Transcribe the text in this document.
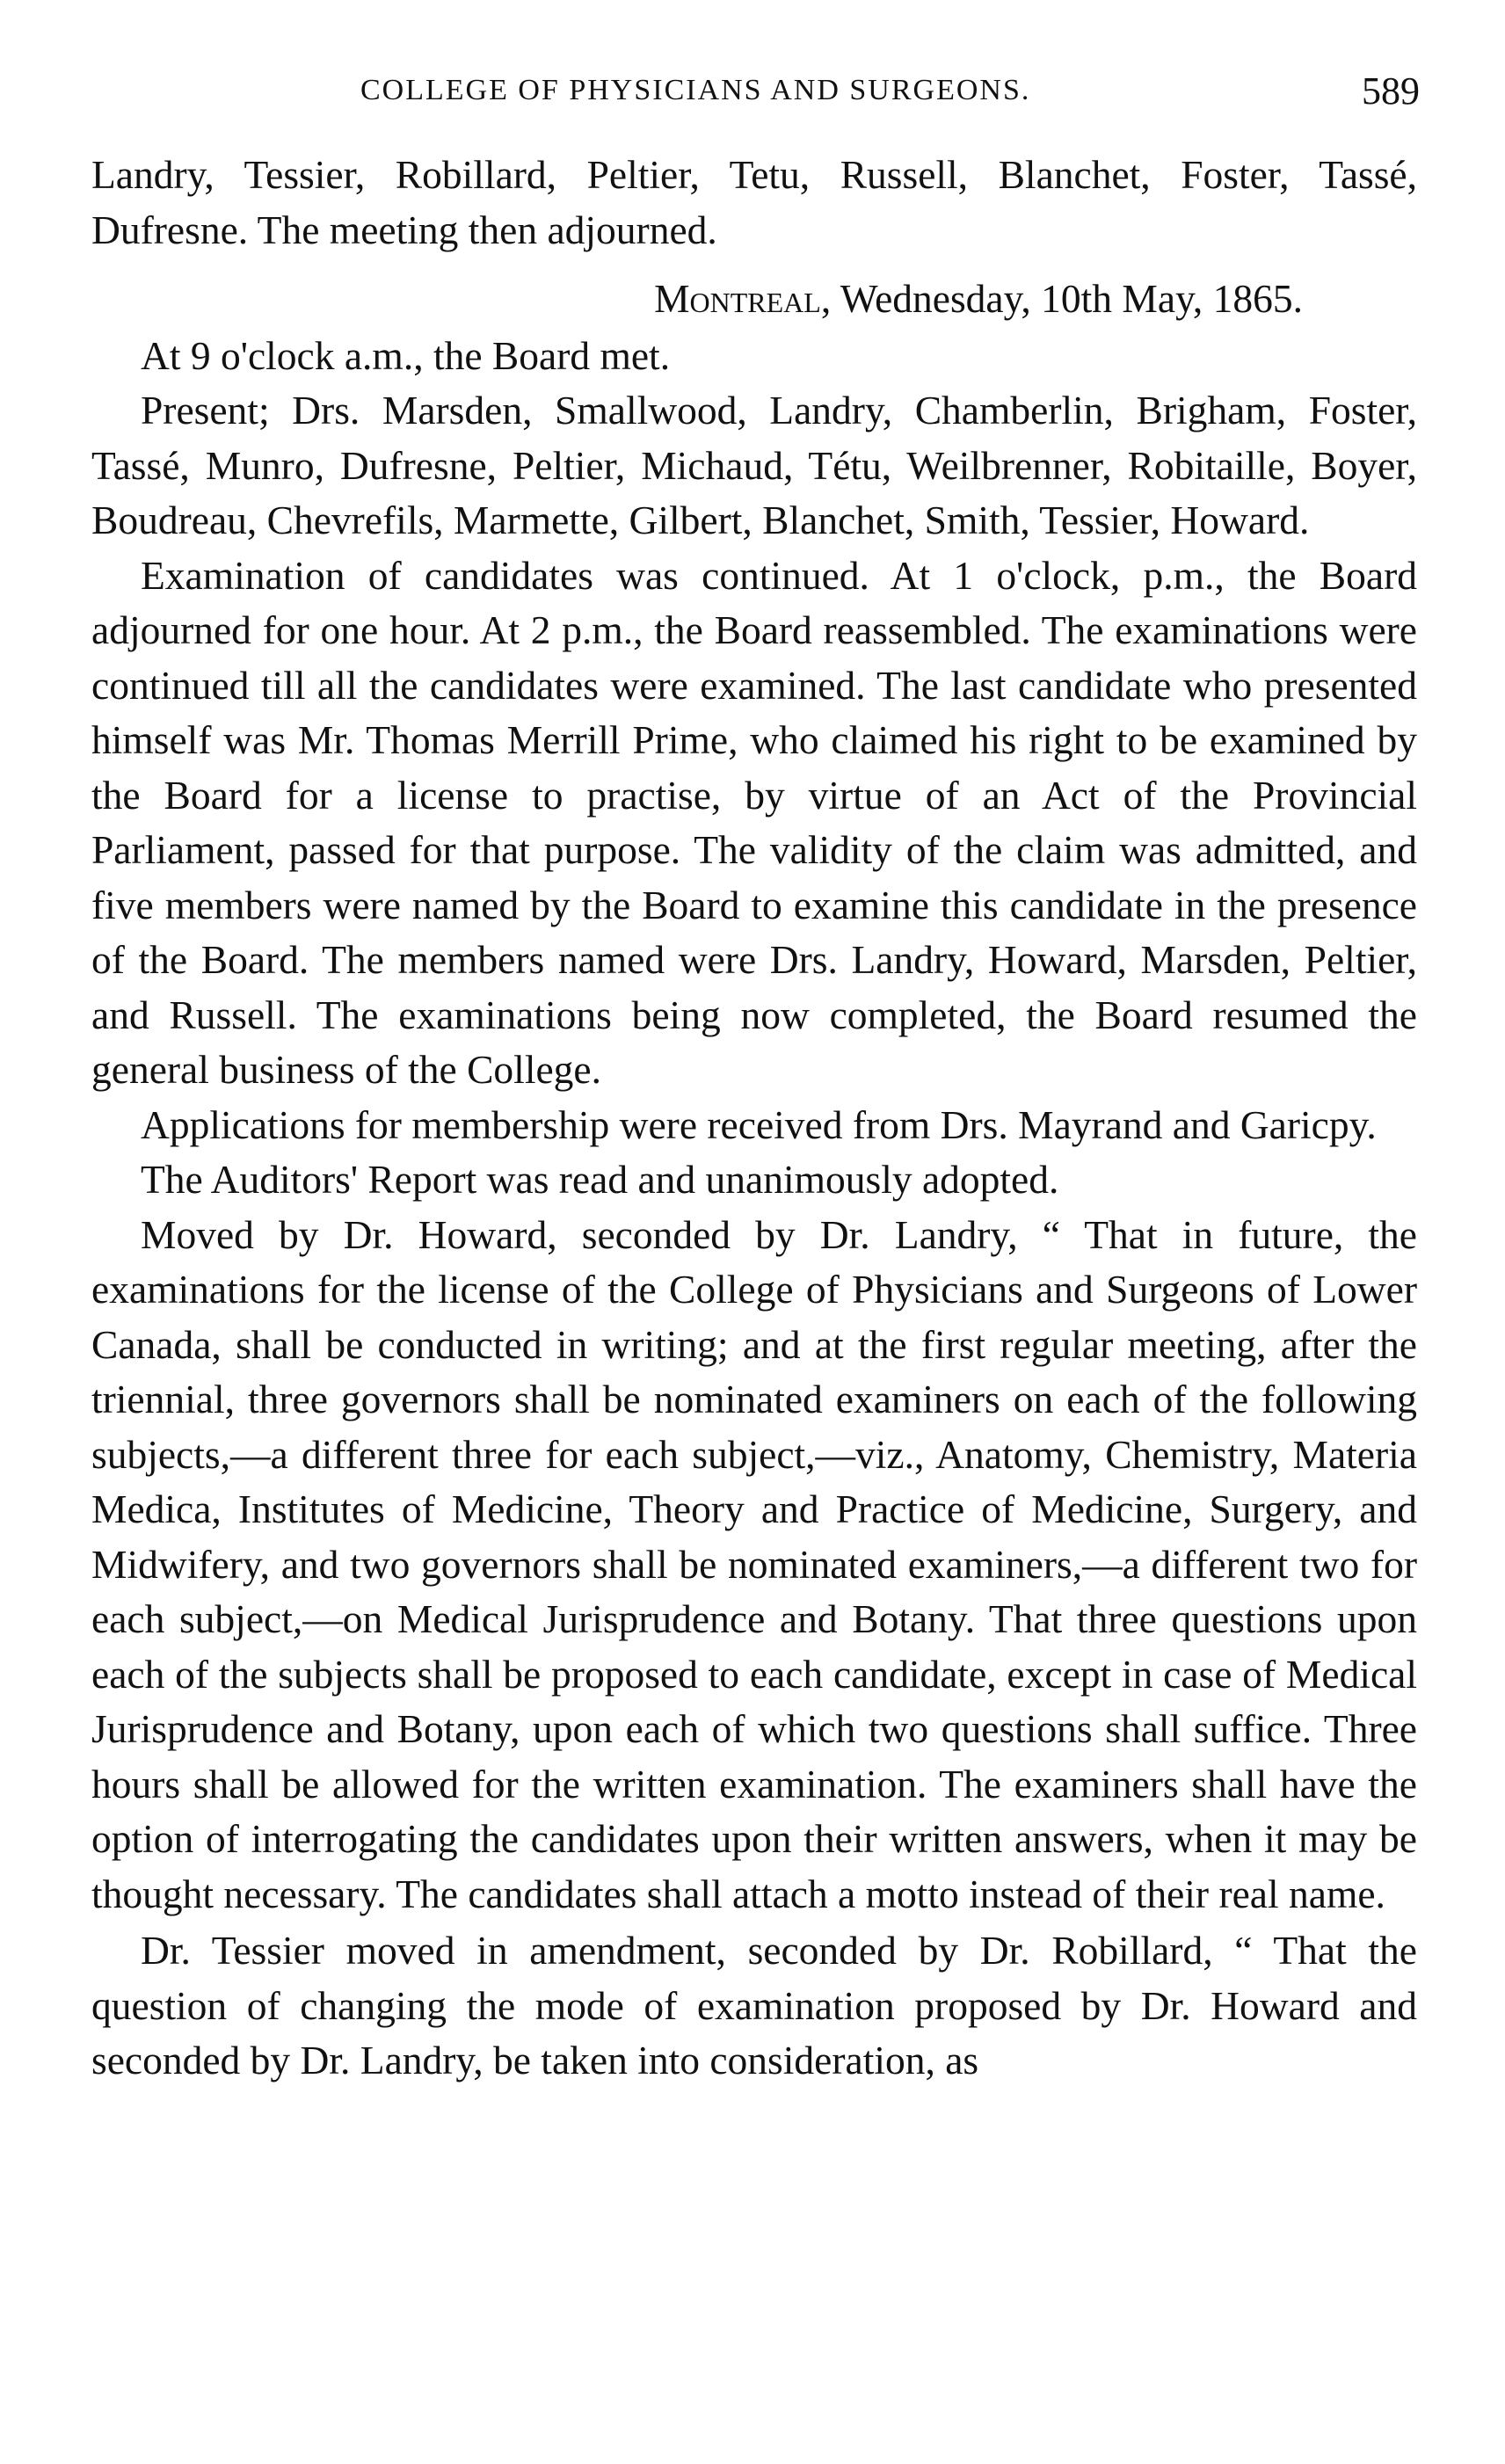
COLLEGE OF PHYSICIANS AND SURGEONS.	589

Landry, Tessier, Robillard, Peltier, Tetu, Russell, Blanchet, Foster, Tassé, Dufresne. The meeting then adjourned.

Montreal, Wednesday, 10th May, 1865.

At 9 o'clock a.m., the Board met.

Present; Drs. Marsden, Smallwood, Landry, Chamberlin, Brigham, Foster, Tassé, Munro, Dufresne, Peltier, Michaud, Tétu, Weilbrenner, Robitaille, Boyer, Boudreau, Chevrefils, Marmette, Gilbert, Blanchet, Smith, Tessier, Howard.

Examination of candidates was continued. At 1 o'clock, p.m., the Board adjourned for one hour. At 2 p.m., the Board reassembled. The examinations were continued till all the candidates were examined. The last candidate who presented himself was Mr. Thomas Merrill Prime, who claimed his right to be examined by the Board for a license to practise, by virtue of an Act of the Provincial Parliament, passed for that purpose. The validity of the claim was admitted, and five members were named by the Board to examine this candidate in the presence of the Board. The members named were Drs. Landry, Howard, Marsden, Peltier, and Russell. The examinations being now completed, the Board resumed the general business of the College.

Applications for membership were received from Drs. Mayrand and Garicpy.

The Auditors' Report was read and unanimously adopted.

Moved by Dr. Howard, seconded by Dr. Landry, “ That in future, the examinations for the license of the College of Physicians and Surgeons of Lower Canada, shall be conducted in writing; and at the first regular meeting, after the triennial, three governors shall be nominated examiners on each of the following subjects,—a different three for each subject,—viz., Anatomy, Chemistry, Materia Medica, Institutes of Medicine, Theory and Practice of Medicine, Surgery, and Midwifery, and two governors shall be nominated examiners,—a different two for each subject,—on Medical Jurisprudence and Botany. That three questions upon each of the subjects shall be proposed to each candidate, except in case of Medical Jurisprudence and Botany, upon each of which two questions shall suffice. Three hours shall be allowed for the written examination. The examiners shall have the option of interrogating the candidates upon their written answers, when it may be thought necessary. The candidates shall attach a motto instead of their real name.

Dr. Tessier moved in amendment, seconded by Dr. Robillard, “ That the question of changing the mode of examination proposed by Dr. Howard and seconded by Dr. Landry, be taken into consideration, as
